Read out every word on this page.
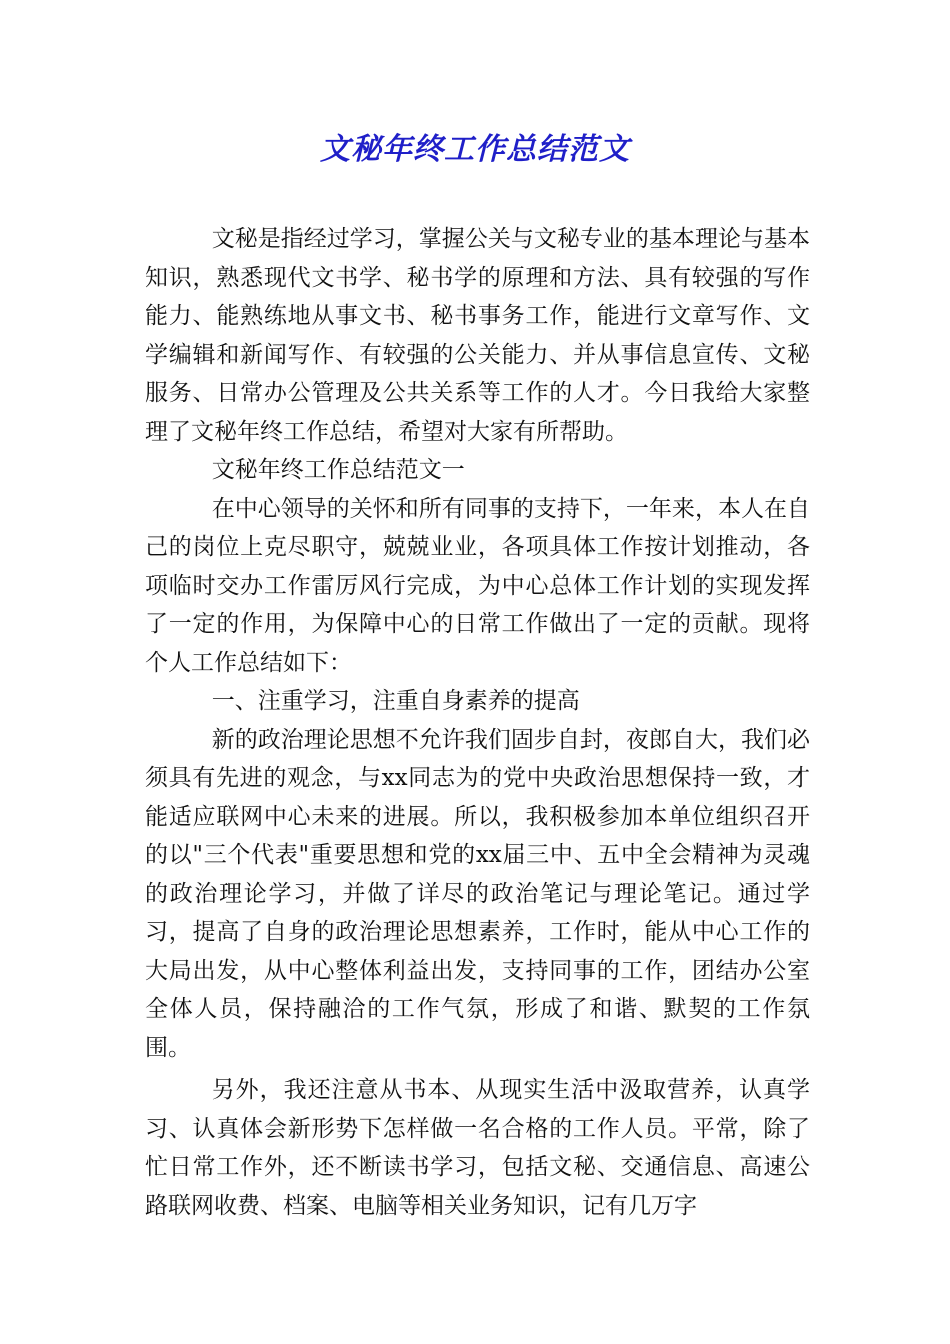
文秘年终工作总结范文

文秘是指经过学习，掌握公关与文秘专业的基本理论与基本知识，熟悉现代文书学、秘书学的原理和方法、具有较强的写作能力、能熟练地从事文书、秘书事务工作，能进行文章写作、文学编辑和新闻写作、有较强的公关能力、并从事信息宣传、文秘服务、日常办公管理及公共关系等工作的人才。今日我给大家整理了文秘年终工作总结，希望对大家有所帮助。

文秘年终工作总结范文一

在中心领导的关怀和所有同事的支持下，一年来，本人在自己的岗位上克尽职守，兢兢业业，各项具体工作按计划推动，各项临时交办工作雷厉风行完成，为中心总体工作计划的实现发挥了一定的作用，为保障中心的日常工作做出了一定的贡献。现将个人工作总结如下：

一、注重学习，注重自身素养的提高

新的政治理论思想不允许我们固步自封，夜郎自大，我们必须具有先进的观念，与xx同志为的党中央政治思想保持一致，才能适应联网中心未来的进展。所以，我积极参加本单位组织召开的以"三个代表"重要思想和党的xx届三中、五中全会精神为灵魂的政治理论学习，并做了详尽的政治笔记与理论笔记。通过学习，提高了自身的政治理论思想素养，工作时，能从中心工作的大局出发，从中心整体利益出发，支持同事的工作，团结办公室全体人员，保持融洽的工作气氛，形成了和谐、默契的工作氛围。

另外，我还注意从书本、从现实生活中汲取营养，认真学习、认真体会新形势下怎样做一名合格的工作人员。平常，除了忙日常工作外，还不断读书学习，包括文秘、交通信息、高速公路联网收费、档案、电脑等相关业务知识，记有几万字
